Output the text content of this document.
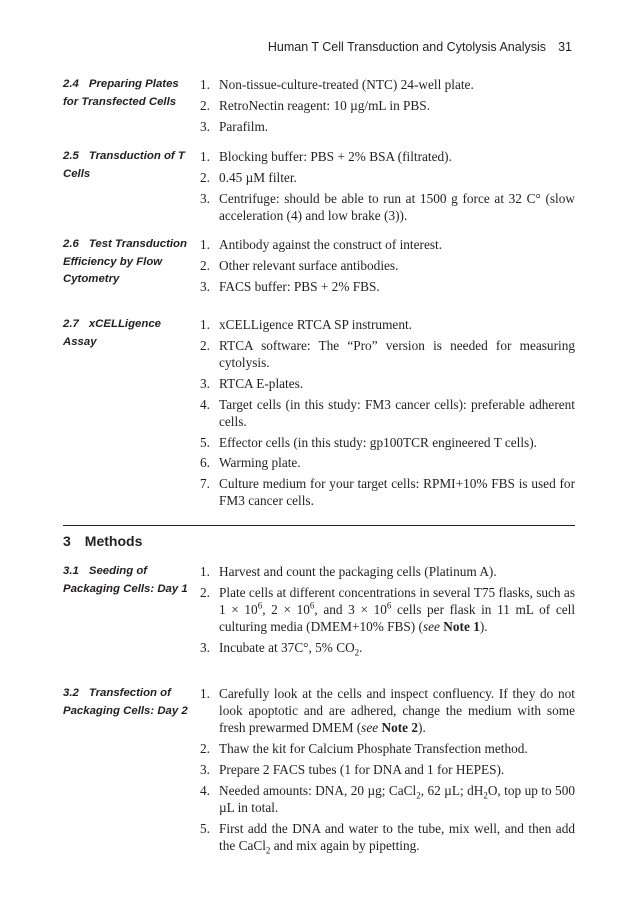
Human T Cell Transduction and Cytolysis Analysis 31
2.4 Preparing Plates for Transfected Cells
1. Non-tissue-culture-treated (NTC) 24-well plate.
2. RetroNectin reagent: 10 µg/mL in PBS.
3. Parafilm.
2.5 Transduction of T Cells
1. Blocking buffer: PBS + 2% BSA (filtrated).
2. 0.45 µM filter.
3. Centrifuge: should be able to run at 1500 g force at 32 C° (slow acceleration (4) and low brake (3)).
2.6 Test Transduction Efficiency by Flow Cytometry
1. Antibody against the construct of interest.
2. Other relevant surface antibodies.
3. FACS buffer: PBS + 2% FBS.
2.7 xCELLigence Assay
1. xCELLigence RTCA SP instrument.
2. RTCA software: The “Pro” version is needed for measuring cytolysis.
3. RTCA E-plates.
4. Target cells (in this study: FM3 cancer cells): preferable adherent cells.
5. Effector cells (in this study: gp100TCR engineered T cells).
6. Warming plate.
7. Culture medium for your target cells: RPMI+10% FBS is used for FM3 cancer cells.
3 Methods
3.1 Seeding of Packaging Cells: Day 1
1. Harvest and count the packaging cells (Platinum A).
2. Plate cells at different concentrations in several T75 flasks, such as $1 \times 10^6$, $2 \times 10^6$, and $3 \times 10^6$ cells per flask in 11 mL of cell culturing media (DMEM+10% FBS) (see Note 1).
3. Incubate at 37C°, 5% $CO_2$.
3.2 Transfection of Packaging Cells: Day 2
1. Carefully look at the cells and inspect confluency. If they do not look apoptotic and are adhered, change the medium with some fresh prewarmed DMEM (see Note 2).
2. Thaw the kit for Calcium Phosphate Transfection method.
3. Prepare 2 FACS tubes (1 for DNA and 1 for HEPES).
4. Needed amounts: DNA, 20 µg; CaCl$_2$, 62 µL; $dH_2O$, top up to 500 µL in total.
5. First add the DNA and water to the tube, mix well, and then add the CaCl$_2$ and mix again by pipetting.
